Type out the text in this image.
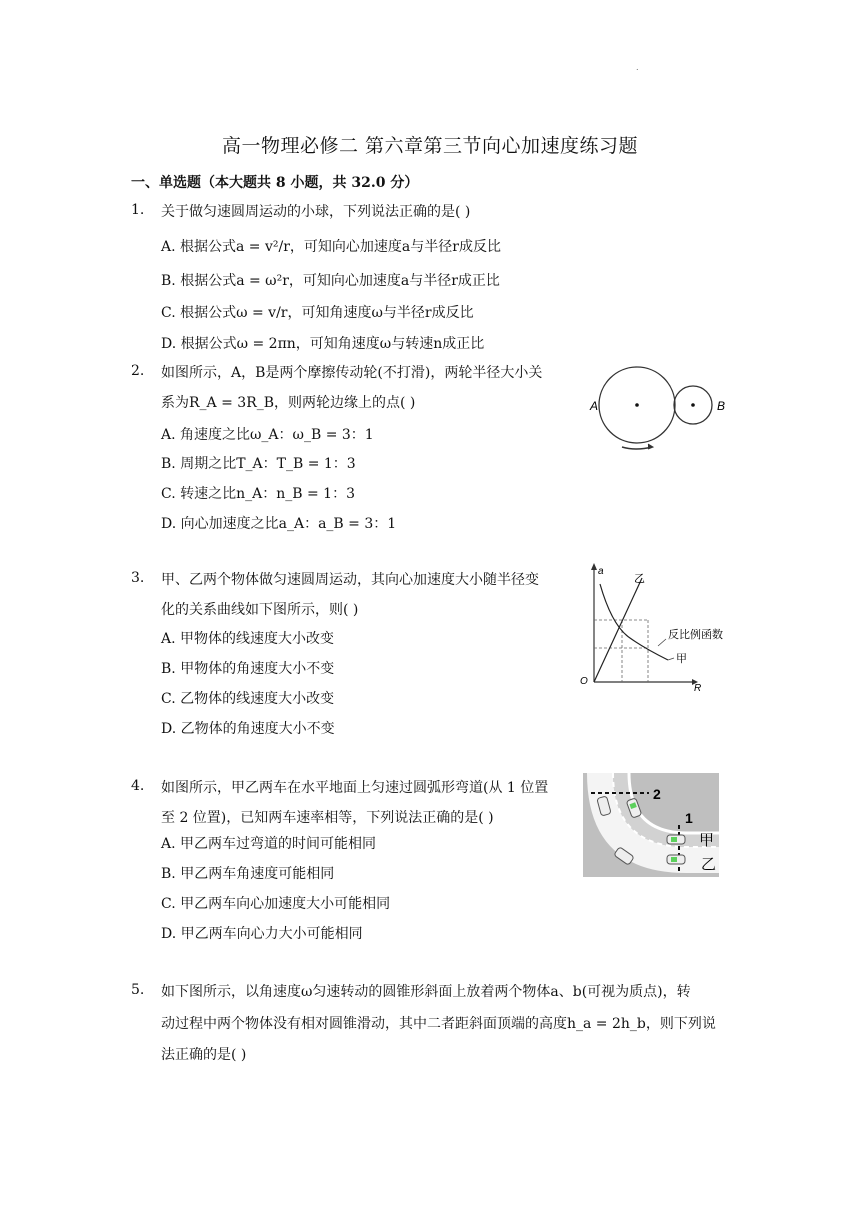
.
高一物理必修二 第六章第三节向心加速度练习题
一、单选题（本大题共 8 小题，共 32.0 分）
1. 关于做匀速圆周运动的小球，下列说法正确的是( )
A. 根据公式a = v²/r，可知向心加速度a与半径r成反比
B. 根据公式a = ω²r，可知向心加速度a与半径r成正比
C. 根据公式ω = v/r，可知角速度ω与半径r成反比
D. 根据公式ω = 2πn，可知角速度ω与转速n成正比
2. 如图所示，A，B是两个摩擦传动轮(不打滑)，两轮半径大小关
系为R_A = 3R_B，则两轮边缘上的点( )
A. 角速度之比ω_A：ω_B = 3：1
B. 周期之比T_A：T_B = 1：3
C. 转速之比n_A：n_B = 1：3
D. 向心加速度之比a_A：a_B = 3：1
A	B
3. 甲、乙两个物体做匀速圆周运动，其向心加速度大小随半径变
化的关系曲线如下图所示，则( )
A. 甲物体的线速度大小改变
B. 甲物体的角速度大小不变
C. 乙物体的线速度大小改变
D. 乙物体的角速度大小不变
a
R
O
乙
反比例函数
甲
4. 如图所示，甲乙两车在水平地面上匀速过圆弧形弯道(从 1 位置
至 2 位置)，已知两车速率相等，下列说法正确的是( )
A. 甲乙两车过弯道的时间可能相同
B. 甲乙两车角速度可能相同
C. 甲乙两车向心加速度大小可能相同
D. 甲乙两车向心力大小可能相同
2
1
甲
乙
5. 如下图所示，以角速度ω匀速转动的圆锥形斜面上放着两个物体a、b(可视为质点)，转
动过程中两个物体没有相对圆锥滑动，其中二者距斜面顶端的高度h_a = 2h_b，则下列说
法正确的是( )
